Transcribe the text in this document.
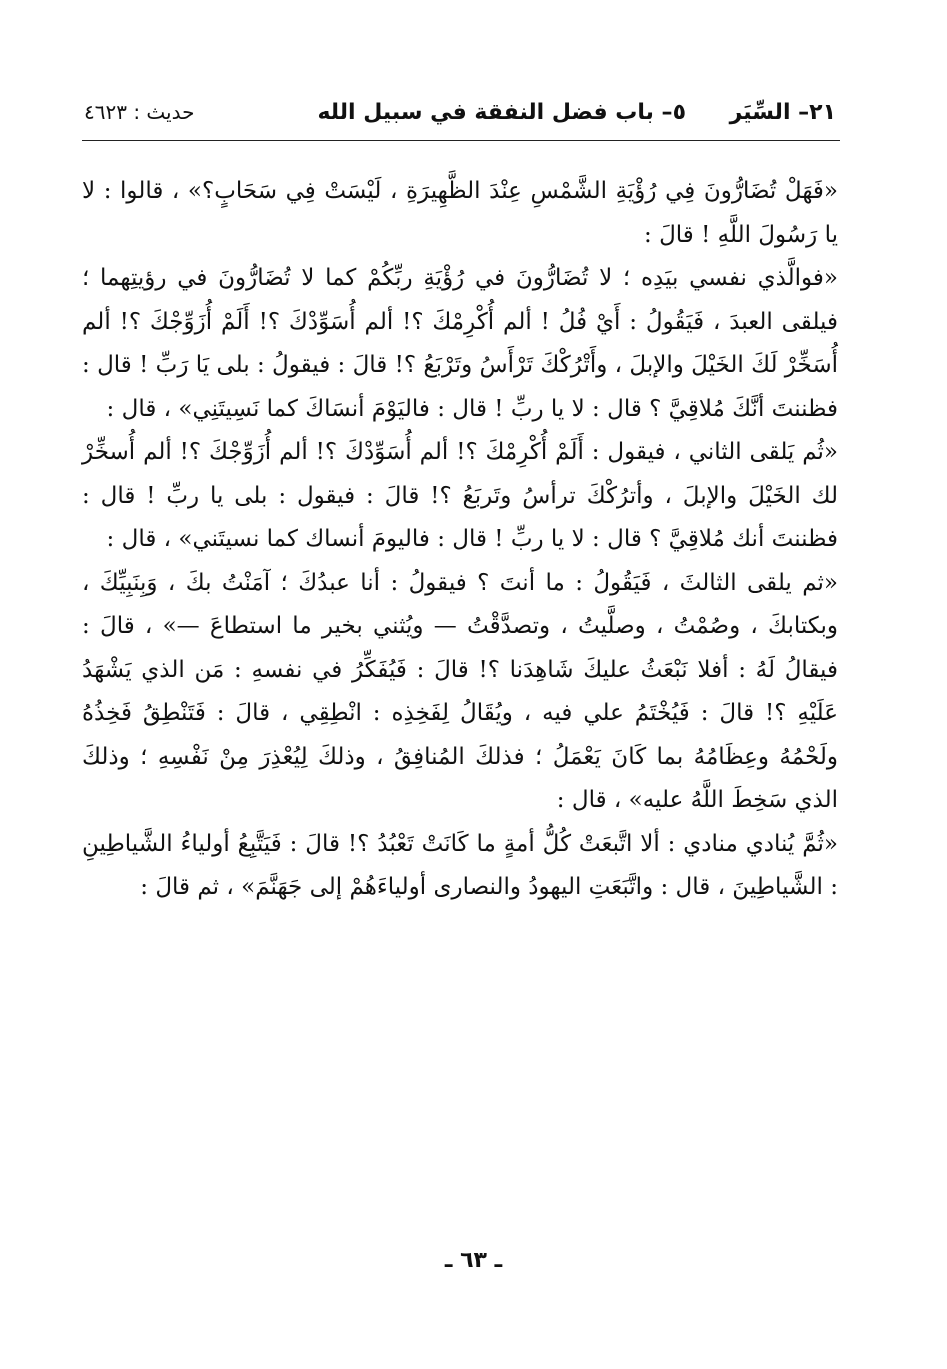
٢١– السِّيَر
٥– باب فضل النفقة في سبيل الله
حديث : ٤٦٢٣

«فَهَلْ تُضَارُّونَ فِي رُؤْيَةِ الشَّمْسِ عِنْدَ الظَّهِيرَةِ ، لَيْسَتْ فِي سَحَابٍ؟» ، قالوا : لا يا رَسُولَ اللَّهِ ! قالَ :

«فوالَّذي نفسي بيَدِه ؛ لا تُضَارُّونَ في رُؤْيَةِ ربِّكُمْ كما لا تُضَارُّونَ في رؤيتِهما ؛ فيلقى العبدَ ، فَيَقُولُ : أَيْ فُلُ ! ألم أُكْرِمْكَ ؟! ألم أُسَوِّدْكَ ؟! أَلَمْ أُزَوِّجْكَ ؟! ألم أُسَخِّرْ لَكَ الخَيْلَ والإبلَ ، وأَتْرُكْكَ تَرْأَسُ وتَرْبَعُ ؟! قالَ : فيقولُ : بلى يَا رَبِّ ! قال : فظننتَ أنَّكَ مُلاقِيَّ ؟ قال : لا يا ربِّ ! قال : فاليَوْمَ أنسَاكَ كما نَسِيتَنِي» ، قال :

«ثُم يَلقى الثاني ، فيقول : أَلَمْ أُكْرِمْكَ ؟! ألم أُسَوِّدْكَ ؟! ألم أُزَوِّجْكَ ؟! ألم أُسخِّرْ لك الخَيْلَ والإبلَ ، وأترُكْكَ ترأسُ وتَربَعُ ؟! قالَ : فيقول : بلى يا ربِّ ! قال : فظننتَ أنك مُلاقِيَّ ؟ قال : لا يا ربِّ ! قال : فاليومَ أنساك كما نسيتَني» ، قال :

«ثم يلقى الثالثَ ، فَيَقُولُ : ما أنتَ ؟ فيقولُ : أنا عبدُكَ ؛ آمَنْتُ بكَ ، وَبِنَبِيِّكَ ، وبكتابكَ ، وصُمْتُ ، وصلَّيتُ ، وتصدَّقْتُ — ويُثني بخير ما استطاعَ —» ، قالَ : فيقالُ لَهُ : أفلا نَبْعَثُ عليكَ شَاهِدَنا ؟! قالَ : فَيُفَكِّرُ في نفسهِ : مَن الذي يَشْهَدُ عَلَيْهِ ؟! قالَ : فَيُخْتَمُ علي فيه ، ويُقَالُ لِفَخِذِه : انْطِقِي ، قالَ : فَتَنْطِقُ فَخِذُهُ ولَحْمُهُ وعِظَامُهُ بما كَانَ يَعْمَلُ ؛ فذلكَ المُنافِقُ ، وذلكَ لِيُعْذِرَ مِنْ نَفْسِهِ ؛ وذلكَ الذي سَخِطَ اللَّهُ عليه» ، قال :

«ثُمَّ يُنادي منادي : ألا اتَّبعَتْ كُلُّ أمةٍ ما كَانَتْ تَعْبُدُ ؟! قالَ : فَيَتَّبِعُ أولياءُ الشَّياطِينِ : الشَّياطِينَ ، قال : واتَّبَعَتِ اليهودُ والنصارى أولياءَهُمْ إلى جَهَنَّمَ» ، ثم قالَ :

ـ ٦٣ ـ
